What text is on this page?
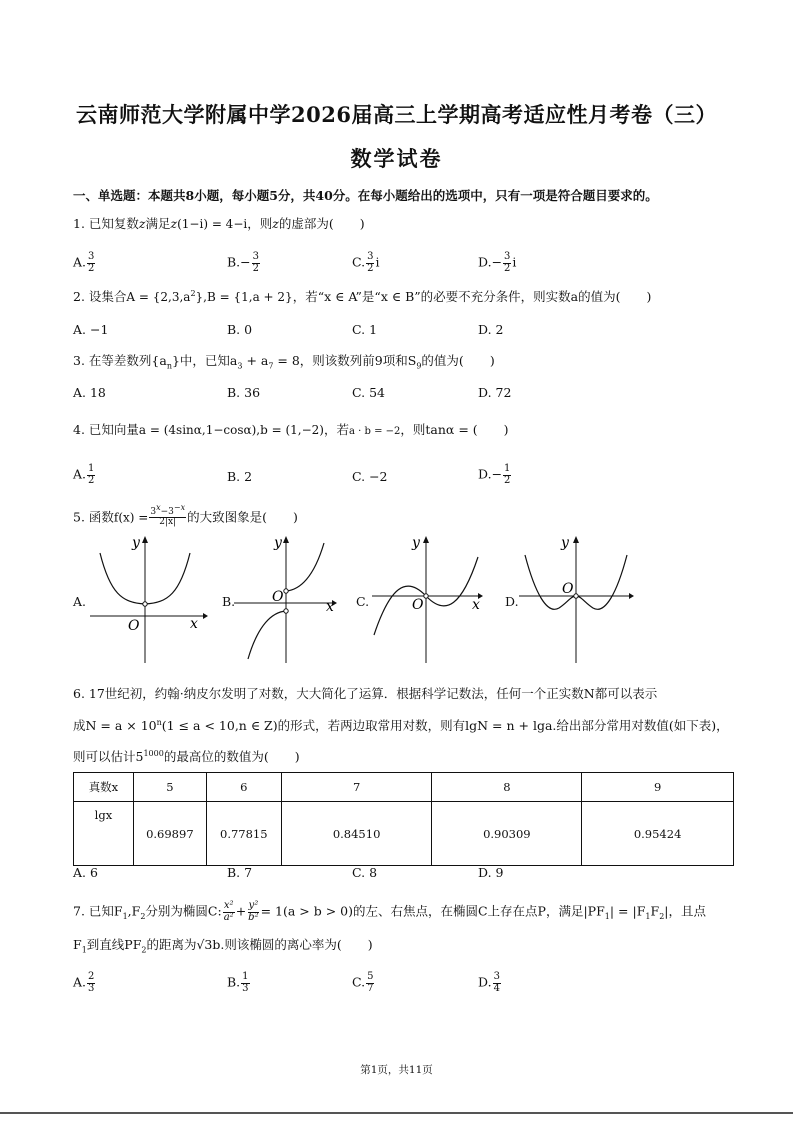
云南师范大学附属中学2026届高三上学期高考适应性月考卷（三）
数学试卷
一、单选题：本题共8小题，每小题5分，共40分。在每小题给出的选项中，只有一项是符合题目要求的。
1. 已知复数z满足z(1−i) = 4−i，则z的虚部为( )
A. $\frac{3}{2}$	$B.- \frac{3}{2}$	C. $\frac{3}{2}$ i	$D.- \frac{3}{2}$ i
2. 设集合$A = \{2,3,a^2\},B = \{1,a + 2\}$，若“x ∈ A”是“x ∈ B”的必要不充分条件，则实数a的值为( )
A. −1	B. 0	C. 1	D. 2
3. 在等差数列$\{a_n\}$中，已知$a_3 + a_7 = 8$，则该数列前9项和$S_9$的值为( )
A. 18	B. 36	C. 54	D. 72
4. 已知向量a = (4sinα,1−cosα),b = (1,−2)，若a · b = −2，则tanα = ( )
A. $\frac{1}{2}$	B. 2	C. −2	$D.- \frac{1}{2}$
5. 函数$f(x) = \frac{3^x-3^{-x}}{2|x|}$ 的大致图象是( )
A.
y
x
O
B.
y
x
O	C.
y
x
O	D.
y
O
6. 17世纪初，约翰·纳皮尔发明了对数，大大简化了运算．根据科学记数法，任何一个正实数N都可以表示
成$N = a \times 10^n(1 \le a < 10,n$ ∈ Z)的形式，若两边取常用对数，则有lgN = n + lga.给出部分常用对数值(如下表)，
则可以估计$5^{1000}$的最高位的数值为( )
真数x	5	6	7	8	9
lgx	0.69897	0.77815	0.84510	0.90309	0.95424
A. 6	B. 7	C. 8	D. 9
7. 已知$F_1,F_2$分别为椭圆C: $\frac{\text{x²}}{\text{a²}} + \frac{\text{y²}}{\text{b²}} = 1(a > b > 0)$的左、右焦点，在椭圆C上存在点P，满足$|PF_1| = |F_1F_2|$，且点
$F_1$到直线$PF_2$的距离为√3b.则该椭圆的离心率为( )
A. $\frac{2}{3}$	B. $\frac{1}{3}$	C. $\frac{5}{7}$	D. $\frac{3}{4}$
第1页，共11页
